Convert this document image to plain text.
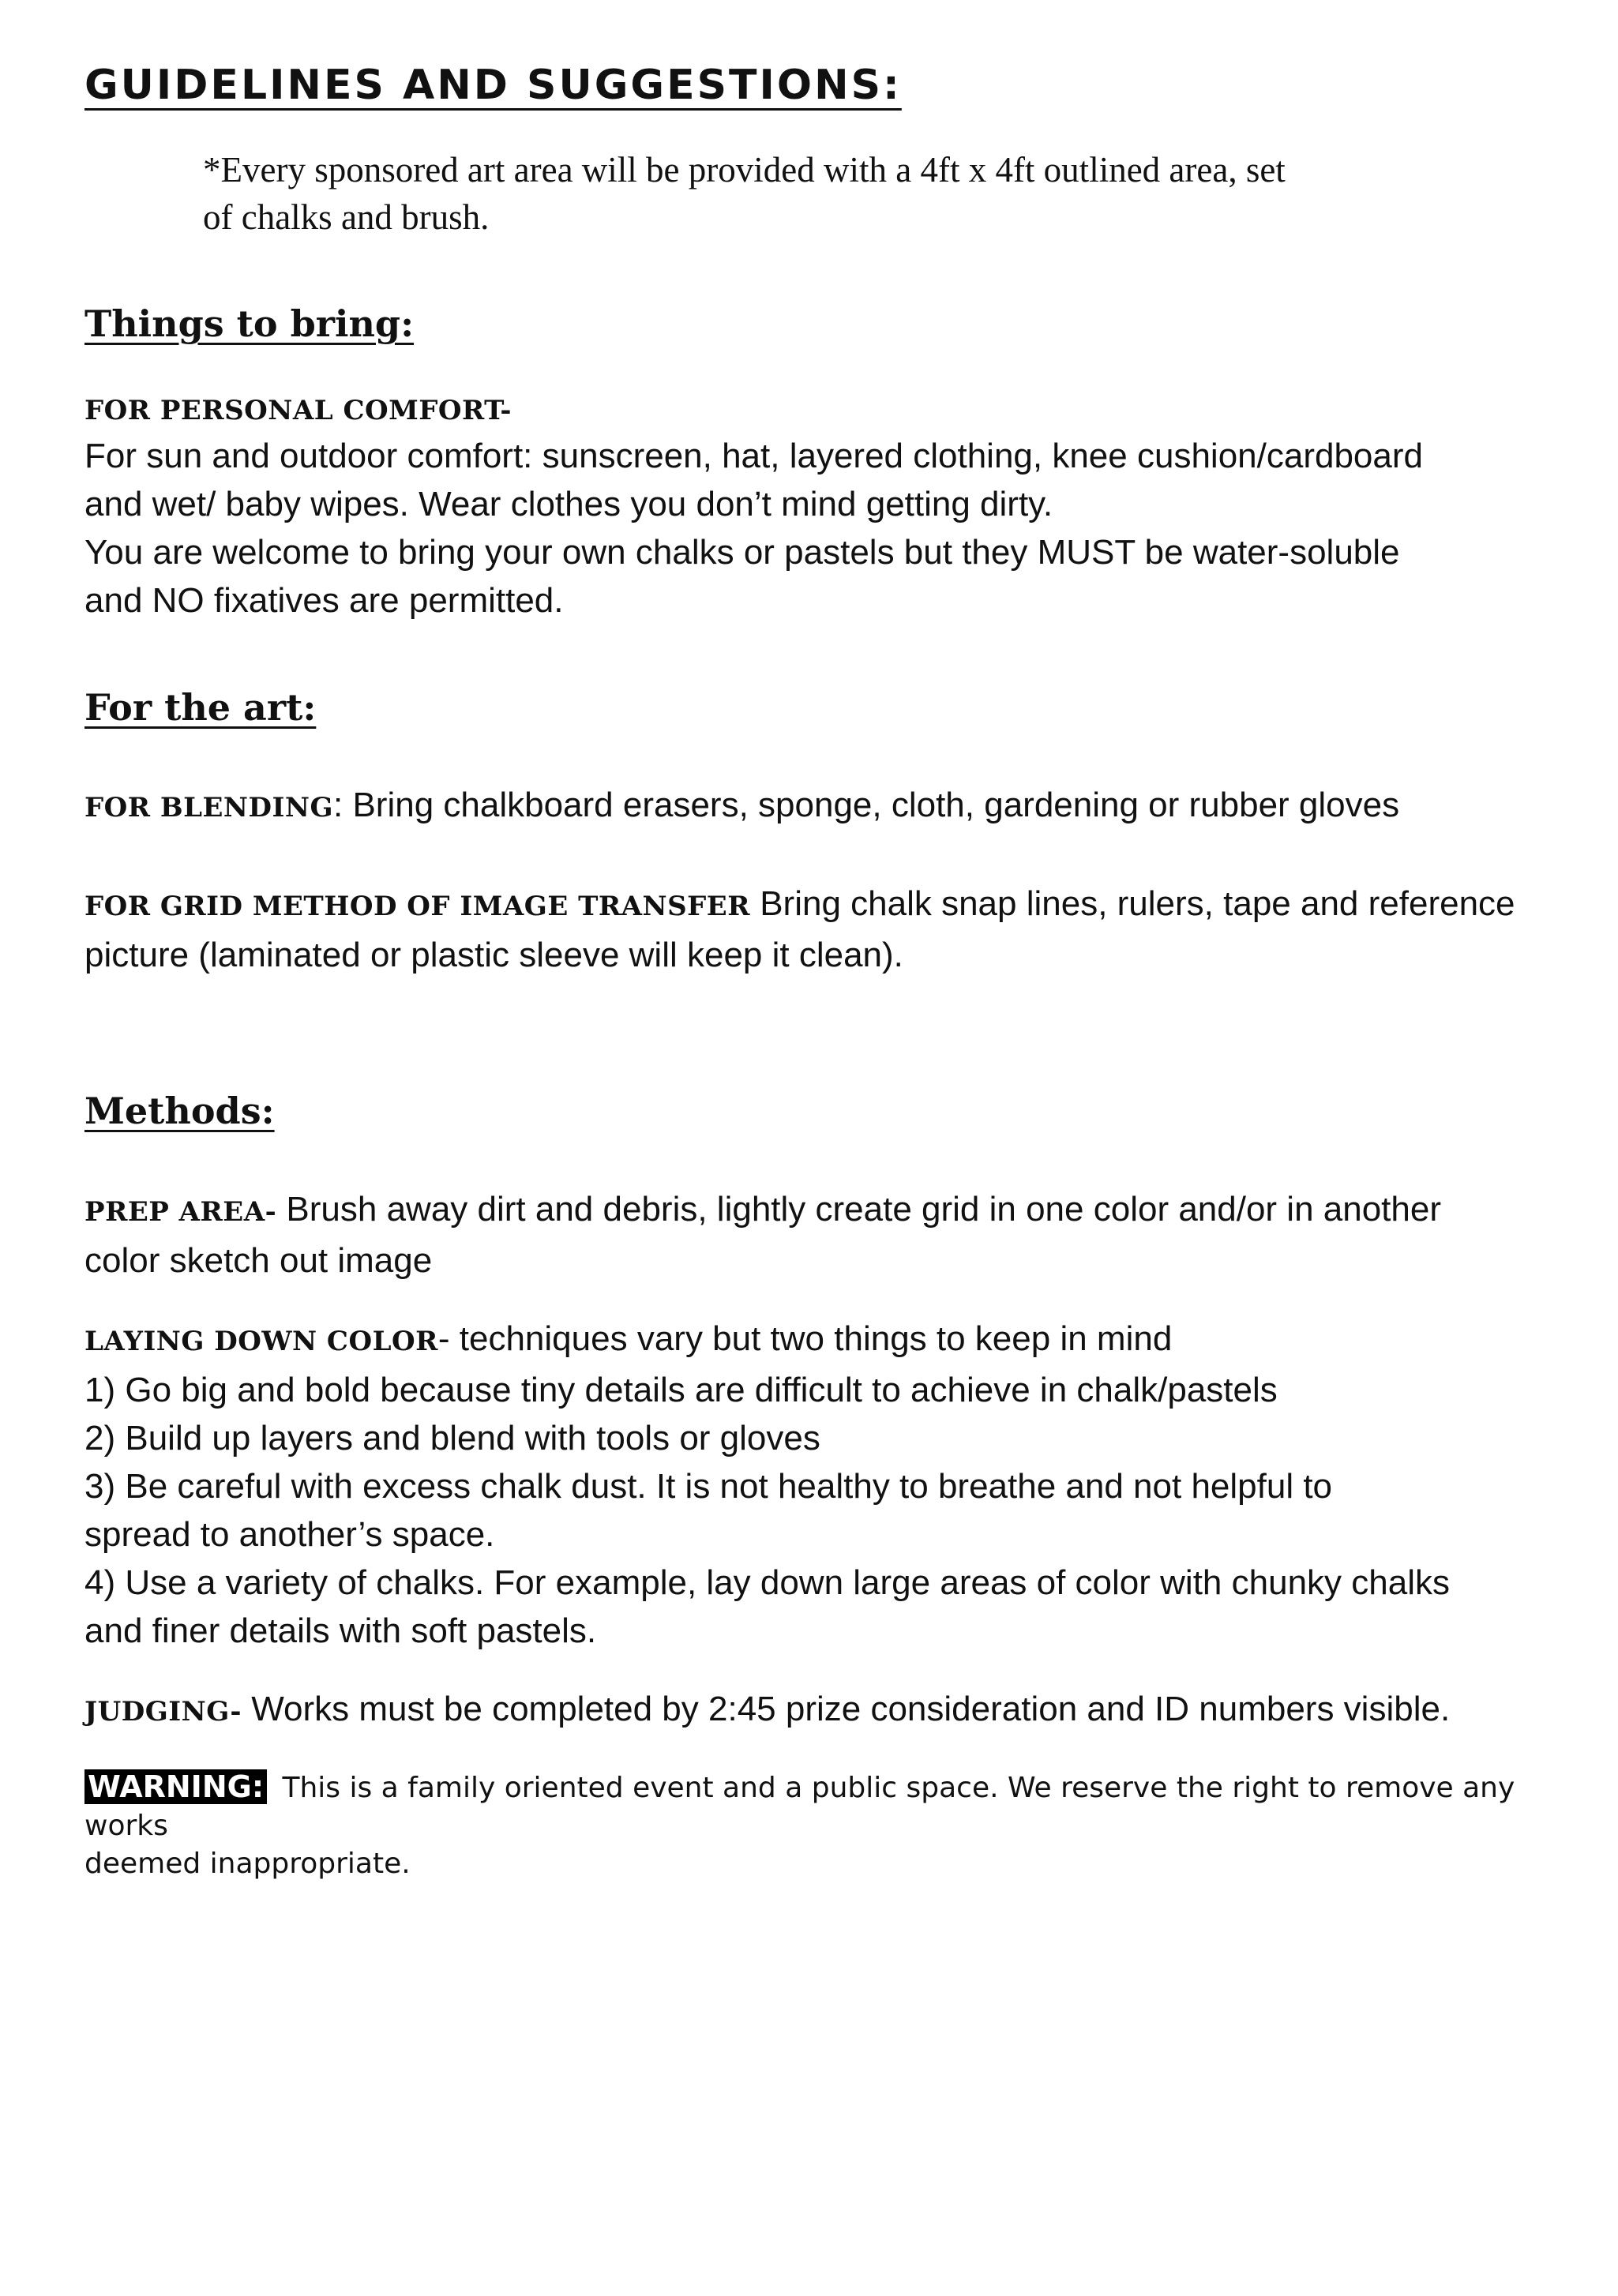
GUIDELINES AND SUGGESTIONS:
*Every sponsored art area will be provided with a 4ft x 4ft outlined area, set
of chalks and brush.
Things to bring:
FOR PERSONAL COMFORT-
For sun and outdoor comfort: sunscreen, hat, layered clothing, knee cushion/cardboard
and wet/ baby wipes. Wear clothes you don’t mind getting dirty.
You are welcome to bring your own chalks or pastels but they MUST be water-soluble
and NO fixatives are permitted.
For the art:
FOR BLENDING: Bring chalkboard erasers, sponge, cloth, gardening or rubber gloves
FOR GRID METHOD OF IMAGE TRANSFER Bring chalk snap lines, rulers, tape and reference
picture (laminated or plastic sleeve will keep it clean).
Methods:
PREP AREA- Brush away dirt and debris, lightly create grid in one color and/or in another
color sketch out image
LAYING DOWN COLOR- techniques vary but two things to keep in mind
1) Go big and bold because tiny details are difficult to achieve in chalk/pastels
2) Build up layers and blend with tools or gloves
3) Be careful with excess chalk dust. It is not healthy to breathe and not helpful to
spread to another’s space.
4) Use a variety of chalks. For example, lay down large areas of color with chunky chalks
and finer details with soft pastels.
JUDGING- Works must be completed by 2:45 prize consideration and ID numbers visible.
WARNING: This is a family oriented event and a public space. We reserve the right to remove any works
deemed inappropriate.
